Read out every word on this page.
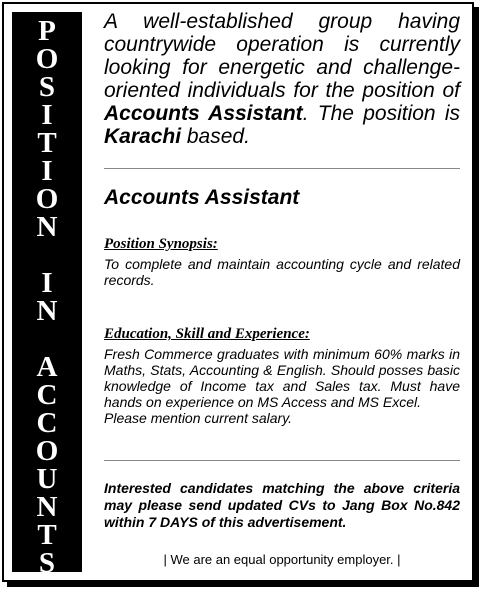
P
O
S
I
T
I
O
N
I
N
A
C
C
O
U
N
T
S
A well-established group having countrywide operation is currently looking for energetic and challenge-oriented individuals for the position of Accounts Assistant. The position is Karachi based.
Accounts Assistant
Position Synopsis:
To complete and maintain accounting cycle and related records.
Education, Skill and Experience:
Fresh Commerce graduates with minimum 60% marks in Maths, Stats, Accounting & English. Should posses basic knowledge of Income tax and Sales tax. Must have hands on experience on MS Access and MS Excel.
Please mention current salary.
Interested candidates matching the above criteria may please send updated CVs to Jang Box No.842 within 7 DAYS of this advertisement.
| We are an equal opportunity employer. |
